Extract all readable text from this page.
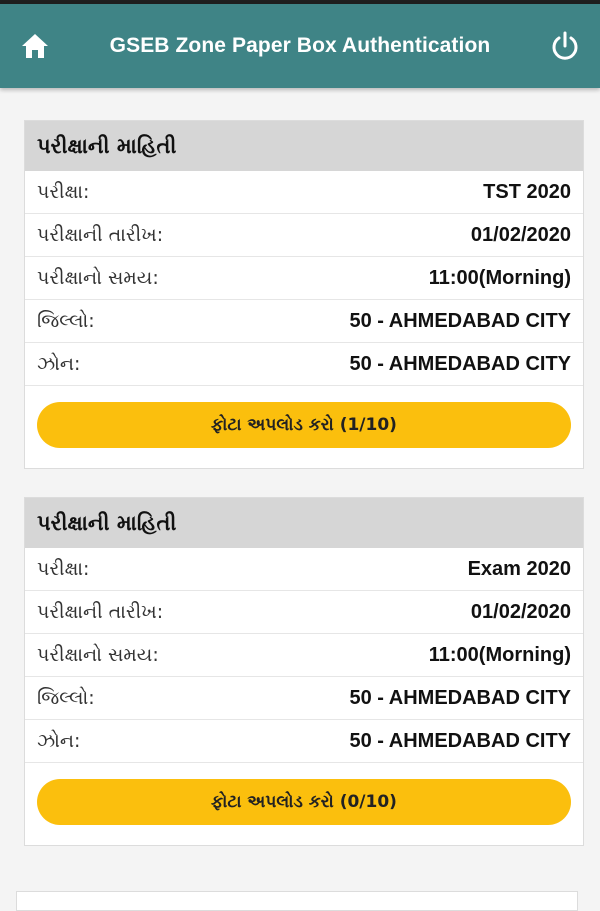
GSEB Zone Paper Box Authentication
પરીક્ષાની માહિતી
પરીક્ષા:	TST 2020
પરીક્ષાની તારીખ:	01/02/2020
પરીક્ષાનો સમય:	11:00(Morning)
જિલ્લો:	50 - AHMEDABAD CITY
ઝોન:	50 - AHMEDABAD CITY
ફોટા અપલોડ કરો (1/10)
પરીક્ષાની માહિતી
પરીક્ષા:	Exam 2020
પરીક્ષાની તારીખ:	01/02/2020
પરીક્ષાનો સમય:	11:00(Morning)
જિલ્લો:	50 - AHMEDABAD CITY
ઝોન:	50 - AHMEDABAD CITY
ફોટા અપલોડ કરો (0/10)
